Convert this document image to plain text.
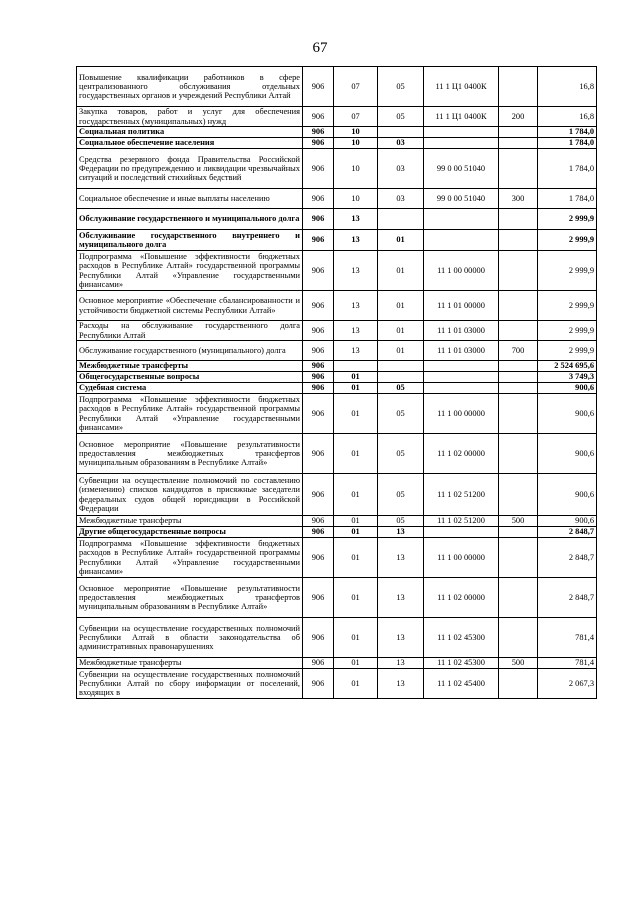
67
Повышение квалификации работников в сфере централизованного обслуживания отдельных государственных органов и учреждений Республики Алтай	906	07	05	11 1 Ц1 0400К		16,8
Закупка товаров, работ и услуг для обеспечения государственных (муниципальных) нужд	906	07	05	11 1 Ц1 0400К	200	16,8
Социальная политика	906	10				1 784,0
Социальное обеспечение населения	906	10	03			1 784,0
Средства резервного фонда Правительства Российской Федерации по предупреждению и ликвидации чрезвычайных ситуаций и последствий стихийных бедствий	906	10	03	99 0 00 51040		1 784,0
Социальное обеспечение и иные выплаты населению	906	10	03	99 0 00 51040	300	1 784,0
Обслуживание государственного и муниципального долга	906	13				2 999,9
Обслуживание государственного внутреннего и муниципального долга	906	13	01			2 999,9
Подпрограмма «Повышение эффективности бюджетных расходов в Республике Алтай» государственной программы Республики Алтай «Управление государственными финансами»	906	13	01	11 1 00 00000		2 999,9
Основное мероприятие «Обеспечение сбалансированности и устойчивости бюджетной системы Республики Алтай»	906	13	01	11 1 01 00000		2 999,9
Расходы на обслуживание государственного долга Республики Алтай	906	13	01	11 1 01 03000		2 999,9
Обслуживание государственного (муниципального) долга	906	13	01	11 1 01 03000	700	2 999,9
Межбюджетные трансферты	906					2 524 695,6
Общегосударственные вопросы	906	01				3 749,3
Судебная система	906	01	05			900,6
Подпрограмма «Повышение эффективности бюджетных расходов в Республике Алтай» государственной программы Республики Алтай «Управление государственными финансами»	906	01	05	11 1 00 00000		900,6
Основное мероприятие «Повышение результативности предоставления межбюджетных трансфертов муниципальным образованиям в Республике Алтай»	906	01	05	11 1 02 00000		900,6
Субвенции на осуществление полномочий по составлению (изменению) списков кандидатов в присяжные заседатели федеральных судов общей юрисдикции в Российской Федерации	906	01	05	11 1 02 51200		900,6
Межбюджетные трансферты	906	01	05	11 1 02 51200	500	900,6
Другие общегосударственные вопросы	906	01	13			2 848,7
Подпрограмма «Повышение эффективности бюджетных расходов в Республике Алтай» государственной программы Республики Алтай «Управление государственными финансами»	906	01	13	11 1 00 00000		2 848,7
Основное мероприятие «Повышение результативности предоставления межбюджетных трансфертов муниципальным образованиям в Республике Алтай»	906	01	13	11 1 02 00000		2 848,7
Субвенции на осуществление государственных полномочий Республики Алтай в области законодательства об административных правонарушениях	906	01	13	11 1 02 45300		781,4
Межбюджетные трансферты	906	01	13	11 1 02 45300	500	781,4
Субвенции на осуществление государственных полномочий Республики Алтай по сбору информации от поселений, входящих в	906	01	13	11 1 02 45400		2 067,3
